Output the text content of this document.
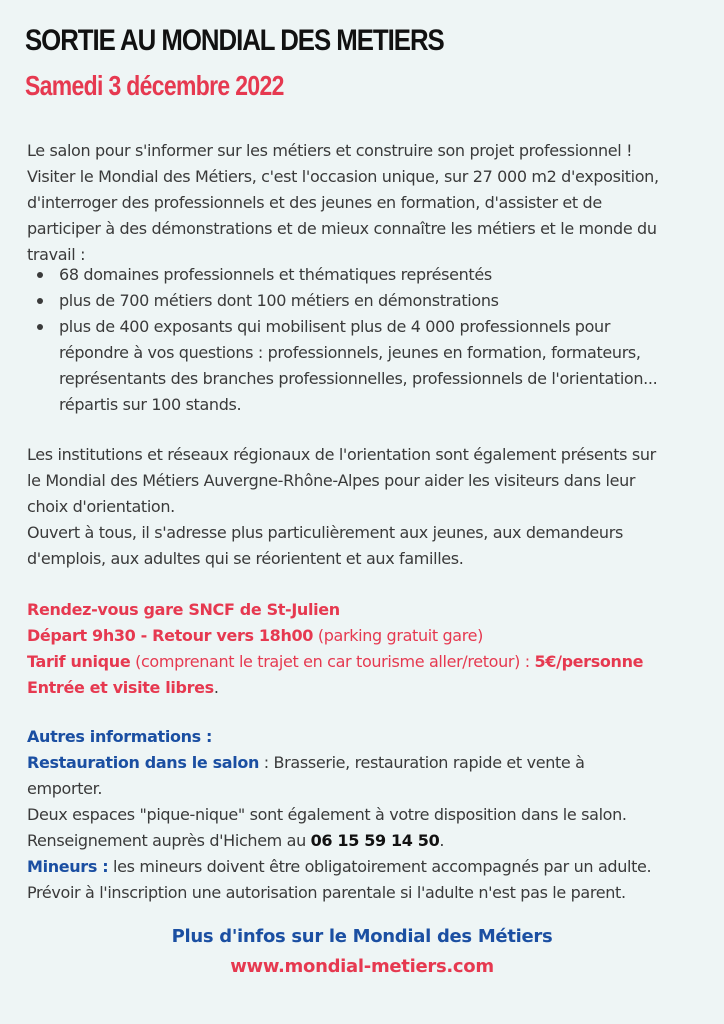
SORTIE AU MONDIAL DES METIERS
Samedi 3 décembre 2022

Le salon pour s'informer sur les métiers et construire son projet professionnel !
Visiter le Mondial des Métiers, c'est l'occasion unique, sur 27 000 m2 d'exposition,
d'interroger des professionnels et des jeunes en formation, d'assister et de
participer à des démonstrations et de mieux connaître les métiers et le monde du
travail :

68 domaines professionnels et thématiques représentés
plus de 700 métiers dont 100 métiers en démonstrations
plus de 400 exposants qui mobilisent plus de 4 000 professionnels pour
répondre à vos questions : professionnels, jeunes en formation, formateurs,
représentants des branches professionnelles, professionnels de l'orientation...
répartis sur 100 stands.

Les institutions et réseaux régionaux de l'orientation sont également présents sur
le Mondial des Métiers Auvergne-Rhône-Alpes pour aider les visiteurs dans leur
choix d'orientation.
Ouvert à tous, il s'adresse plus particulièrement aux jeunes, aux demandeurs
d'emplois, aux adultes qui se réorientent et aux familles.

Rendez-vous gare SNCF de St-Julien
Départ 9h30 - Retour vers 18h00 (parking gratuit gare)
Tarif unique (comprenant le trajet en car tourisme aller/retour) : 5€/personne
Entrée et visite libres.
Autres informations :
Restauration dans le salon : Brasserie, restauration rapide et vente à
emporter.
Deux espaces "pique-nique" sont également à votre disposition dans le salon.
Renseignement auprès d'Hichem au 06 15 59 14 50.
Mineurs : les mineurs doivent être obligatoirement accompagnés par un adulte.
Prévoir à l'inscription une autorisation parentale si l'adulte n'est pas le parent.

Plus d'infos sur le Mondial des Métiers

www.mondial-metiers.com
